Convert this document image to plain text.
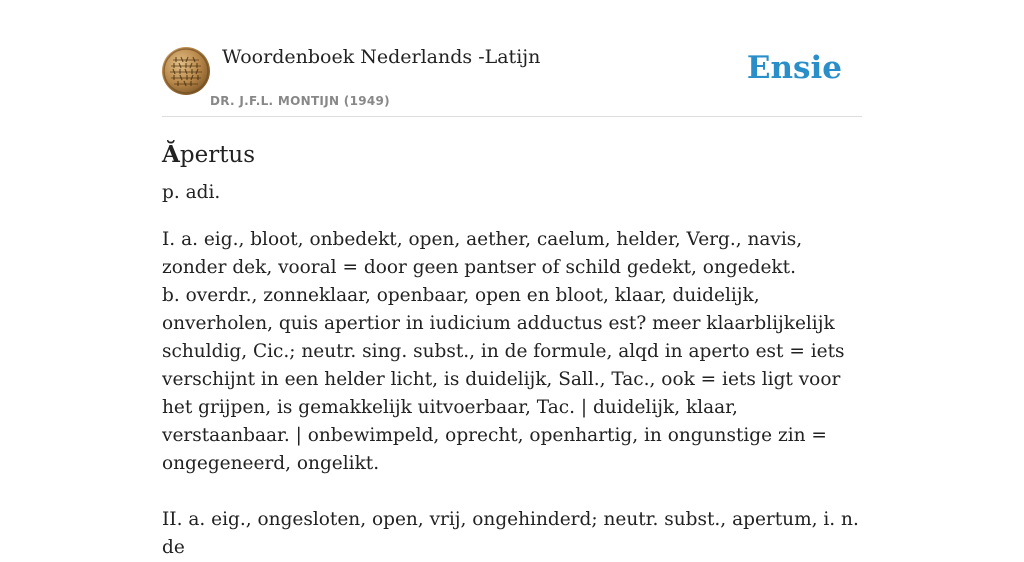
Woordenboek Nederlands -Latijn
DR. J.F.L. MONTIJN (1949)
Ensie
Ăpertus

p. adi.

I. a. eig., bloot, onbedekt, open, aether, caelum, helder, Verg., navis, zonder dek, vooral = door geen pantser of schild gedekt, ongedekt.

b. overdr., zonneklaar, openbaar, open en bloot, klaar, duidelijk, onverholen, quis apertior in iudicium adductus est? meer klaarblijkelijk schuldig, Cic.; neutr. sing. subst., in de formule, alqd in aperto est = iets verschijnt in een helder licht, is duidelijk, Sall., Tac., ook = iets ligt voor het grijpen, is gemakkelijk uitvoerbaar, Tac. | duidelijk, klaar, verstaanbaar. | onbewimpeld, oprecht, openhartig, in ongunstige zin = ongegeneerd, ongelikt.

II. a. eig., ongesloten, open, vrij, ongehinderd; neutr. subst., apertum, i. n. de
